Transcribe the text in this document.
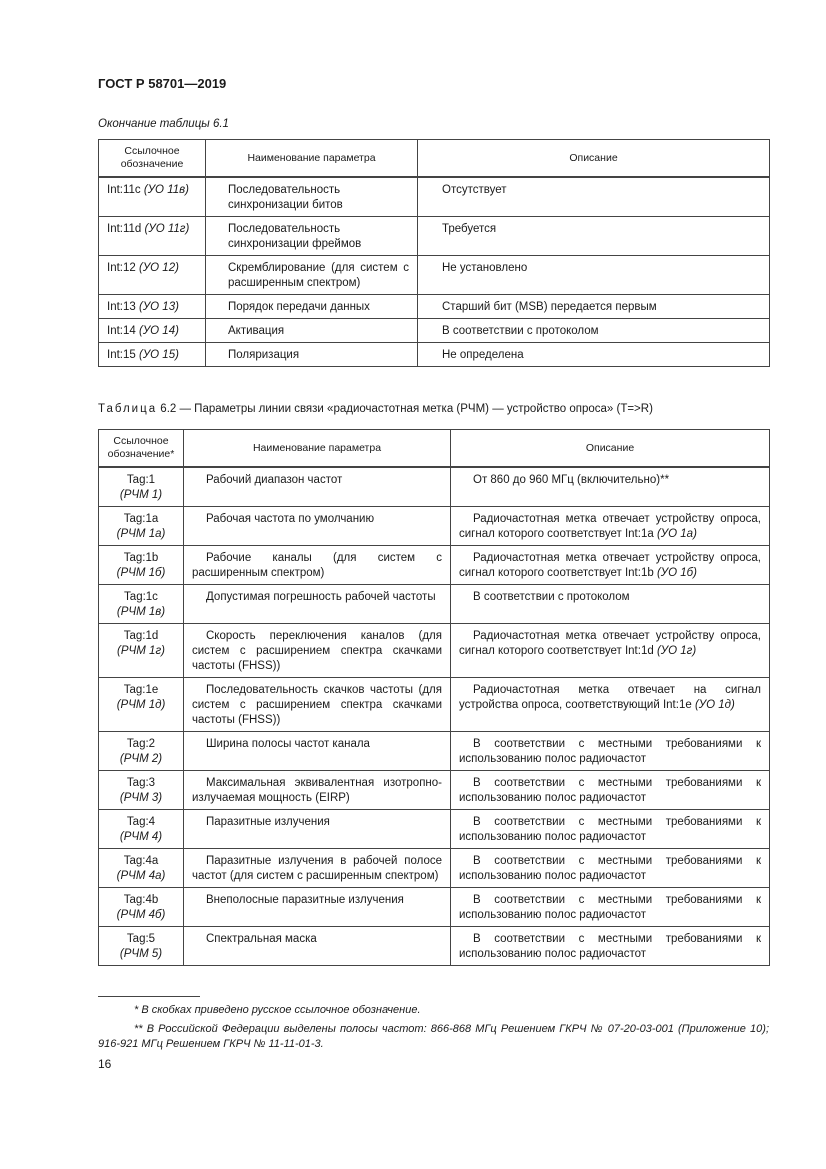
ГОСТ Р 58701—2019
Окончание таблицы 6.1
Ссылочное обозначение	Наименование параметра	Описание
Int:11c (УО 11в)	Последовательность синхронизации битов	Отсутствует
Int:11d (УО 11г)	Последовательность синхронизации фреймов	Требуется
Int:12 (УО 12)	Скремблирование (для систем с расширенным спектром)	Не установлено
Int:13 (УО 13)	Порядок передачи данных	Старший бит (MSB) передается первым
Int:14 (УО 14)	Активация	В соответствии с протоколом
Int:15 (УО 15)	Поляризация	Не определена
Таблица 6.2 — Параметры линии связи «радиочастотная метка (РЧМ) — устройство опроса» (T=>R)
Ссылочное обозначение*	Наименование параметра	Описание

Tag:1
(РЧМ 1)	Рабочий диапазон частот	От 860 до 960 МГц (включительно)**

Tag:1a
(РЧМ 1а)	Рабочая частота по умолчанию	Радиочастотная метка отвечает устройству опроса, сигнал которого соответствует Int:1a (УО 1а)

Tag:1b
(РЧМ 1б)	Рабочие каналы (для систем с расширенным спектром)	Радиочастотная метка отвечает устройству опроса, сигнал которого соответствует Int:1b (УО 1б)

Tag:1c
(РЧМ 1в)	Допустимая погрешность рабочей частоты	В соответствии с протоколом

Tag:1d
(РЧМ 1г)	Скорость переключения каналов (для систем с расширением спектра скачками частоты (FHSS))	Радиочастотная метка отвечает устройству опроса, сигнал которого соответствует Int:1d (УО 1г)

Tag:1e
(РЧМ 1д)	Последовательность скачков частоты (для систем с расширением спектра скачками частоты (FHSS))	Радиочастотная метка отвечает на сигнал устройства опроса, соответствующий Int:1e (УО 1д)

Tag:2
(РЧМ 2)	Ширина полосы частот канала	В соответствии с местными требованиями к использованию полос радиочастот

Tag:3
(РЧМ 3)	Максимальная эквивалентная изотропно-излучаемая мощность (EIRP)	В соответствии с местными требованиями к использованию полос радиочастот

Tag:4
(РЧМ 4)	Паразитные излучения	В соответствии с местными требованиями к использованию полос радиочастот

Tag:4a
(РЧМ 4а)	Паразитные излучения в рабочей полосе частот (для систем с расширенным спектром)	В соответствии с местными требованиями к использованию полос радиочастот

Tag:4b
(РЧМ 4б)	Внеполосные паразитные излучения	В соответствии с местными требованиями к использованию полос радиочастот

Tag:5
(РЧМ 5)	Спектральная маска	В соответствии с местными требованиями к использованию полос радиочастот
* В скобках приведено русское ссылочное обозначение.
** В Российской Федерации выделены полосы частот: 866-868 МГц Решением ГКРЧ № 07-20-03-001 (Приложение 10); 916-921 МГц Решением ГКРЧ № 11-11-01-3.
16
